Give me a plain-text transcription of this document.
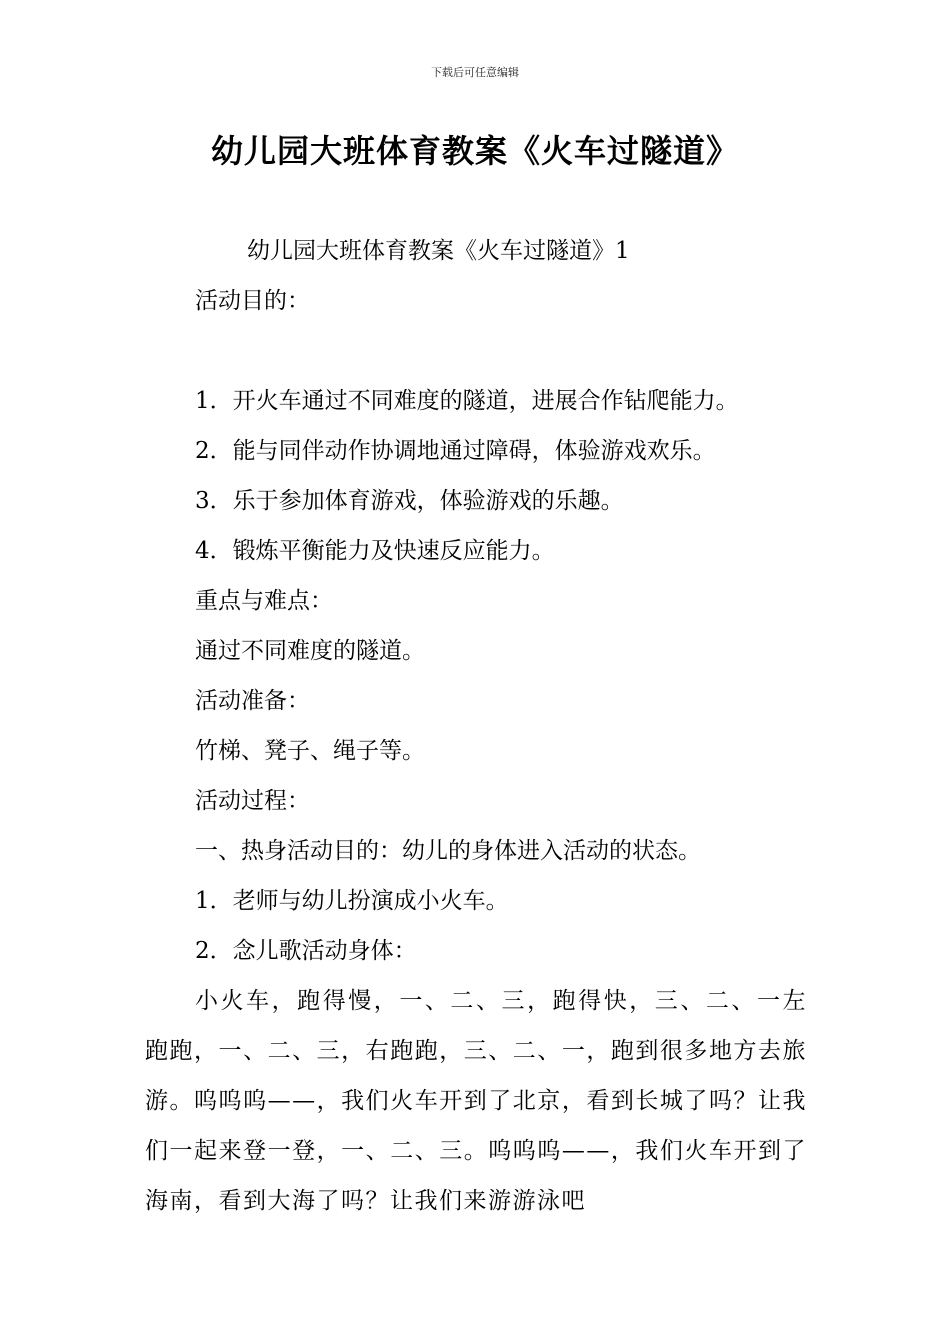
下载后可任意编辑
幼儿园大班体育教案《火车过隧道》
幼儿园大班体育教案《火车过隧道》1
活动目的：
1．开火车通过不同难度的隧道，进展合作钻爬能力。
2．能与同伴动作协调地通过障碍，体验游戏欢乐。
3．乐于参加体育游戏，体验游戏的乐趣。
4．锻炼平衡能力及快速反应能力。
重点与难点：
通过不同难度的隧道。
活动准备：
竹梯、凳子、绳子等。
活动过程：
一、热身活动目的：幼儿的身体进入活动的状态。
1．老师与幼儿扮演成小火车。
2．念儿歌活动身体：
小火车，跑得慢，一、二、三，跑得快，三、二、一左跑跑，一、二、三，右跑跑，三、二、一，跑到很多地方去旅游。呜呜呜——，我们火车开到了北京，看到长城了吗？让我们一起来登一登，一、二、三。呜呜呜——，我们火车开到了海南，看到大海了吗？让我们来游游泳吧
